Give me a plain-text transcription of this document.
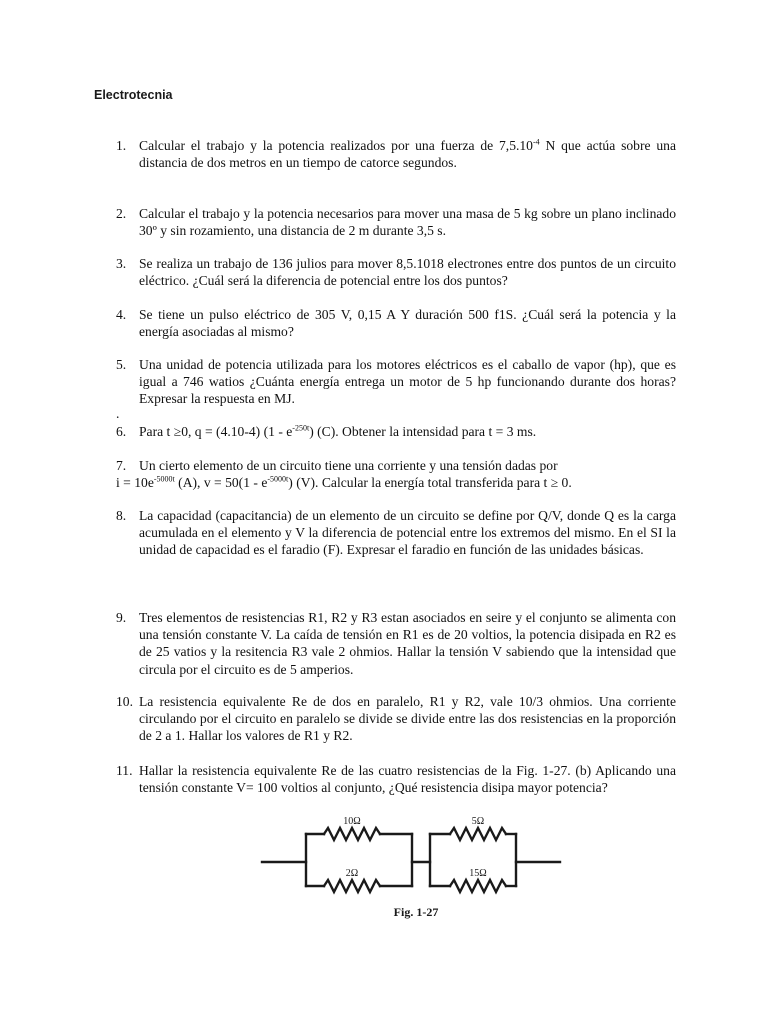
Electrotecnia
1. Calcular el trabajo y la potencia realizados por una fuerza de $7,5.10^{-4}$ N que actúa sobre una distancia de dos metros en un tiempo de catorce segundos.
2. Calcular el trabajo y la potencia necesarios para mover una masa de 5 kg sobre un plano inclinado 30º y sin rozamiento, una distancia de 2 m durante 3,5 s.
3. Se realiza un trabajo de 136 julios para mover 8,5.1018 electrones entre dos puntos de un circuito eléctrico. ¿Cuál será la diferencia de potencial entre los dos puntos?
4. Se tiene un pulso eléctrico de 305 V, 0,15 A Y duración 500 f1S. ¿Cuál será la potencia y la energía asociadas al mismo?
5. Una unidad de potencia utilizada para los motores eléctricos es el caballo de vapor (hp), que es igual a 746 watios ¿Cuánta energía entrega un motor de 5 hp funcionando durante dos horas? Expresar la respuesta en MJ.
.
6. Para t ≥0, q = (4.10-4) $(1 - e^{-250t})$ (C). Obtener la intensidad para t = 3 ms.
7. Un cierto elemento de un circuito tiene una corriente y una tensión dadas por
$i = 10e^{-5000t}$ (A), $v = 50(1 - e^{-5000t})$ (V). Calcular la energía total transferida para t ≥ 0.
8. La capacidad (capacitancia) de un elemento de un circuito se define por Q/V, donde Q es la carga acumulada en el elemento y V la diferencia de potencial entre los extremos del mismo. En el SI la unidad de capacidad es el faradio (F). Expresar el faradio en función de las unidades básicas.
9. Tres elementos de resistencias R1, R2 y R3 estan asociados en seire y el conjunto se alimenta con una tensión constante V. La caída de tensión en R1 es de 20 voltios, la potencia disipada en R2 es de 25 vatios y la resitencia R3 vale 2 ohmios. Hallar la tensión V sabiendo que la intensidad que circula por el circuito es de 5 amperios.
10. La resistencia equivalente Re de dos en paralelo, R1 y R2, vale 10/3 ohmios. Una corriente circulando por el circuito en paralelo se divide se divide entre las dos resistencias en la proporción de 2 a 1. Hallar los valores de R1 y R2.
11. Hallar la resistencia equivalente Re de las cuatro resistencias de la Fig. 1-27. (b) Aplicando una tensión constante V= 100 voltios al conjunto, ¿Qué resistencia disipa mayor potencia?
10Ω
2Ω
5Ω
15Ω
Fig. 1-27
